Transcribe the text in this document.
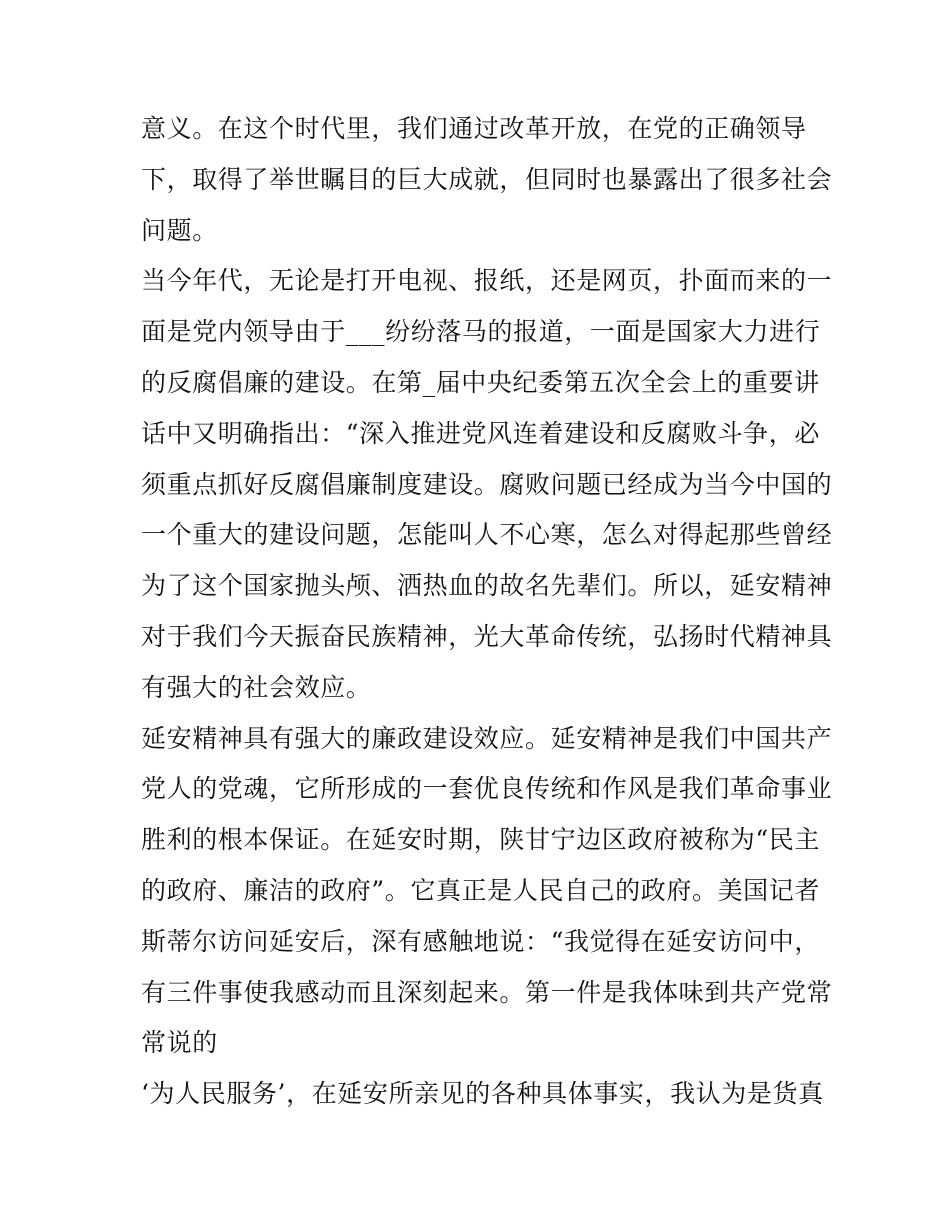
意义。在这个时代里，我们通过改革开放，在党的正确领导
下，取得了举世瞩目的巨大成就，但同时也暴露出了很多社会
问题。
当今年代，无论是打开电视、报纸，还是网页，扑面而来的一
面是党内领导由于___纷纷落马的报道，一面是国家大力进行
的反腐倡廉的建设。在第_届中央纪委第五次全会上的重要讲
话中又明确指出：“深入推进党风连着建设和反腐败斗争，必
须重点抓好反腐倡廉制度建设。腐败问题已经成为当今中国的
一个重大的建设问题，怎能叫人不心寒，怎么对得起那些曾经
为了这个国家抛头颅、洒热血的故名先辈们。所以，延安精神
对于我们今天振奋民族精神，光大革命传统，弘扬时代精神具
有强大的社会效应。
延安精神具有强大的廉政建设效应。延安精神是我们中国共产
党人的党魂，它所形成的一套优良传统和作风是我们革命事业
胜利的根本保证。在延安时期，陕甘宁边区政府被称为“民主
的政府、廉洁的政府”。它真正是人民自己的政府。美国记者
斯蒂尔访问延安后，深有感触地说：“我觉得在延安访问中，
有三件事使我感动而且深刻起来。第一件是我体味到共产党常
常说的
‘为人民服务’，在延安所亲见的各种具体事实，我认为是货真
